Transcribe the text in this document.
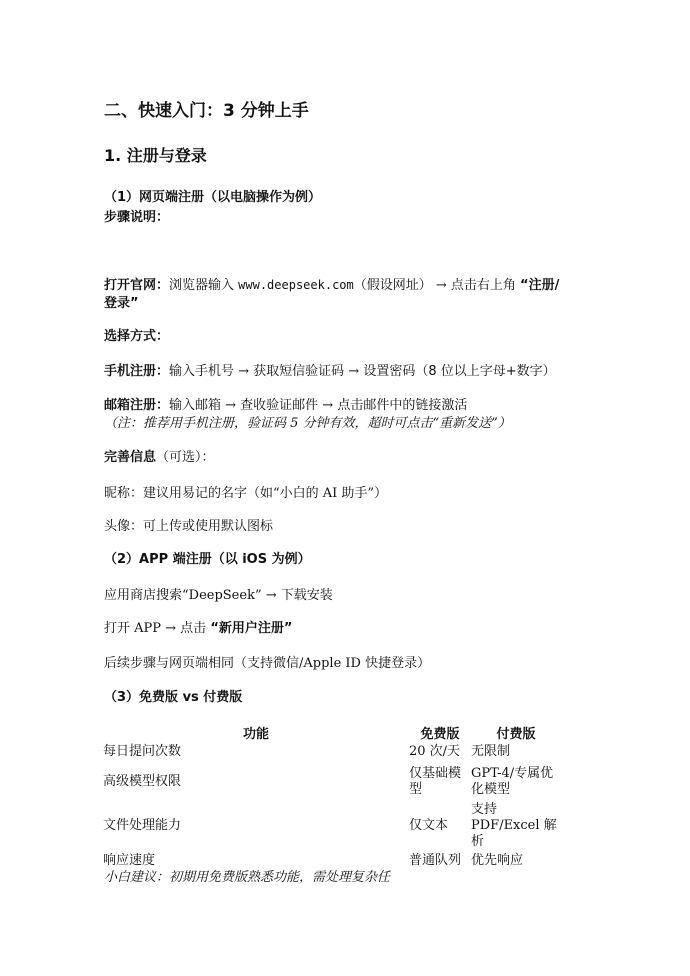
二、快速入门：3 分钟上手
1. 注册与登录
（1）网页端注册（以电脑操作为例）
步骤说明：
打开官网：浏览器输入 www.deepseek.com（假设网址） → 点击右上角 “注册/
登录”
选择方式：
手机注册：输入手机号 → 获取短信验证码 → 设置密码（8 位以上字母+数字）
邮箱注册：输入邮箱 → 查收验证邮件 → 点击邮件中的链接激活
（注：推荐用手机注册，验证码 5 分钟有效，超时可点击“重新发送”）
完善信息（可选）：
昵称：建议用易记的名字（如“小白的 AI 助手”）
头像：可上传或使用默认图标
（2）APP 端注册（以 iOS 为例）
应用商店搜索“DeepSeek” → 下载安装
打开 APP → 点击 “新用户注册”
后续步骤与网页端相同（支持微信/Apple ID 快捷登录）
（3）免费版 vs 付费版
功能	免费版	付费版
每日提问次数	20 次/天	无限制
高级模型权限	仅基础模型	GPT-4/专属优化模型
文件处理能力	仅文本	支持 PDF/Excel 解析
响应速度	普通队列	优先响应
小白建议：初期用免费版熟悉功能，需处理复杂任
